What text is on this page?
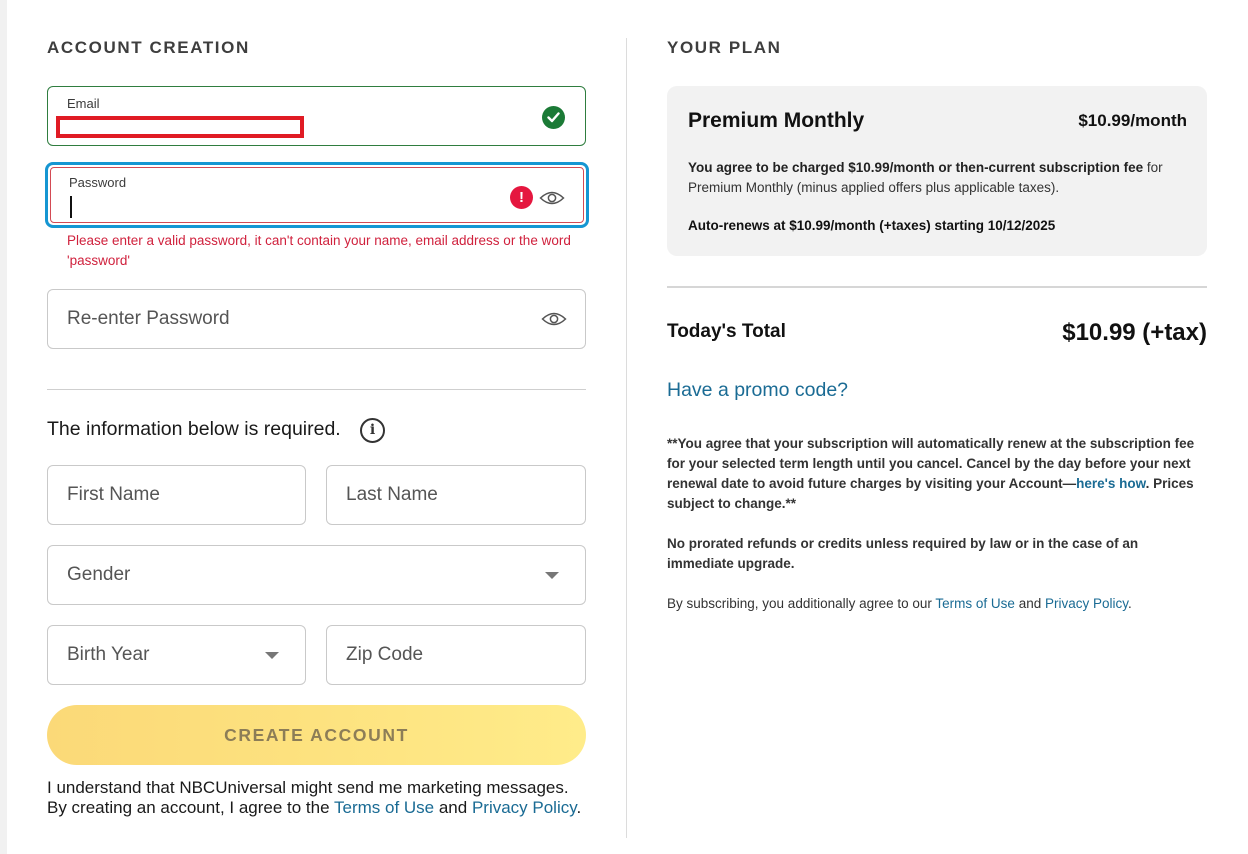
ACCOUNT CREATION
Email
Password
!
Please enter a valid password, it can't contain your name, email address or the word 'password'
Re-enter Password
The information below is required.	i
First Name	Last Name
Gender
Birth Year	Zip Code
CREATE ACCOUNT
I understand that NBCUniversal might send me marketing messages. By creating an account, I agree to the Terms of Use and Privacy Policy.
YOUR PLAN
Premium Monthly	$10.99/month
You agree to be charged $10.99/month or then-current subscription fee for Premium Monthly (minus applied offers plus applicable taxes).
Auto-renews at $10.99/month (+taxes) starting 10/12/2025
Today's Total	$10.99 (+tax)
Have a promo code?
**You agree that your subscription will automatically renew at the subscription fee for your selected term length until you cancel. Cancel by the day before your next renewal date to avoid future charges by visiting your Account—here's how. Prices subject to change.**
No prorated refunds or credits unless required by law or in the case of an immediate upgrade.
By subscribing, you additionally agree to our Terms of Use and Privacy Policy.
